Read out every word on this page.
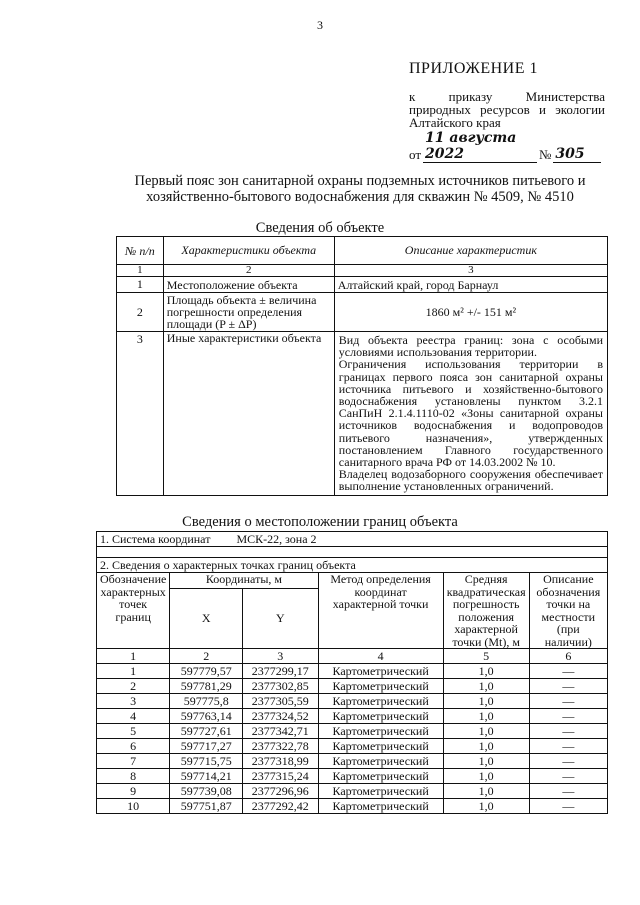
3
ПРИЛОЖЕНИЕ 1
к приказу Министерства природных ресурсов и экологии Алтайского края
от
11 августа 2022	№ 305
Первый пояс зон санитарной охраны подземных источников питьевого и хозяйственно-бытового водоснабжения для скважин № 4509, № 4510
Сведения об объекте
№ п/п	Характеристики объекта	Описание характеристик
1	2	3
1	Местоположение объекта	Алтайский край, город Барнаул
2	Площадь объекта ± величина погрешности определения площади (P ± ΔP)	1860 м² +/- 151 м²
3	Иные характеристики объекта	Вид объекта реестра границ: зона с особыми условиями использования территории.

Ограничения использования территории в границах первого пояса зон санитарной охраны источника питьевого и хозяйственно-бытового водоснабжения установлены пунктом 3.2.1 СанПиН 2.1.4.1110-02 «Зоны санитарной охраны источников водоснабжения и водопроводов питьевого назначения», утвержденных постановлением Главного государственного санитарного врача РФ от 14.03.2002 № 10.

Владелец водозаборного сооружения обеспечивает выполнение установленных ограничений.

Сведения о местоположении границ объекта
1. Система координат МСК-22, зона 2					

2. Сведения о характерных точках границ объекта					
Обозначение характерных точек границ	Координаты, м		Метод определения координат характерной точки	Средняя квадратическая погрешность положения характерной точки (Mt), м	Описание обозначения точки на местности (при наличии)
	X	Y			
1	2	3	4	5	6
1	597779,57	2377299,17	Картометрический	1,0	—
2	597781,29	2377302,85	Картометрический	1,0	—
3	597775,8	2377305,59	Картометрический	1,0	—
4	597763,14	2377324,52	Картометрический	1,0	—
5	597727,61	2377342,71	Картометрический	1,0	—
6	597717,27	2377322,78	Картометрический	1,0	—
7	597715,75	2377318,99	Картометрический	1,0	—
8	597714,21	2377315,24	Картометрический	1,0	—
9	597739,08	2377296,96	Картометрический	1,0	—
10	597751,87	2377292,42	Картометрический	1,0	—
